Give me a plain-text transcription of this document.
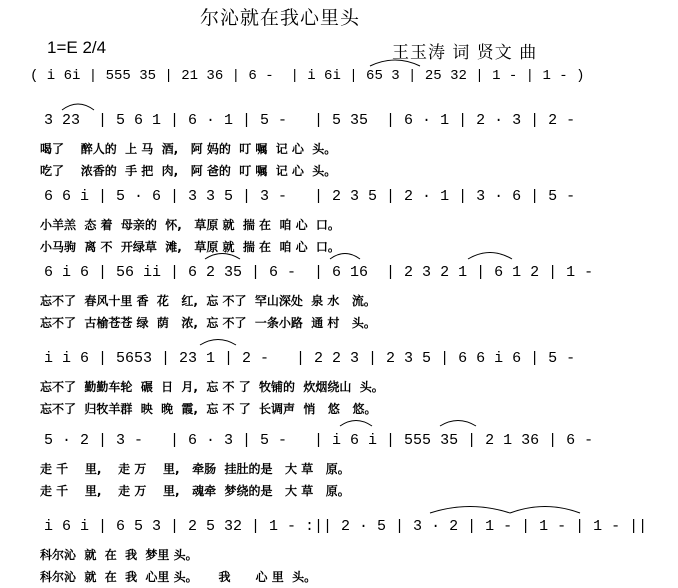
尔沁就在我心里头
1=E 2/4	王玉涛 词 贤文 曲
( i 6i | 555 35 | 21 36 | 6 -  | i 6i | 65 3 | 25 32 | 1 - | 1 - )
3 23  | 5 6 1 | 6 · 1 | 5 -   | 5 35  | 6 · 1 | 2 · 3 | 2 -
喝了    醉人的  上 马  酒,   阿 妈的  叮 嘱  记 心  头。
吃了    浓香的  手 把  肉,   阿 爸的  叮 嘱  记 心  头。
6 6 i | 5 · 6 | 3 3 5 | 3 -   | 2 3 5 | 2 · 1 | 3 · 6 | 5 -
小羊羔  态 着  母亲的  怀,   草原 就  揣 在  咱 心  口。
小马驹  离 不  开绿草  滩,   草原 就  揣 在  咱 心  口。
6 i 6 | 56 ii | 6 2 35 | 6 -  | 6 16  | 2 3 2 1 | 6 1 2 | 1 -
忘不了  春风十里 香  花   红,  忘 不了  罕山深处  泉 水   流。
忘不了  古榆苍苍 绿  荫   浓,  忘 不了  一条小路  通 村   头。
i i 6 | 5653 | 23 1 | 2 -   | 2 2 3 | 2 3 5 | 6 6 i 6 | 5 -
忘不了  勤勤车轮  碾  日  月,  忘 不 了  牧铺的  炊烟绕山  头。
忘不了  归牧羊群  映  晚  霞,  忘 不 了  长调声  悄   悠   悠。
5 · 2 | 3 -   | 6 · 3 | 5 -   | i 6 i | 555 35 | 2 1 36 | 6 -
走 千    里,    走 万    里,   牵肠  挂肚的是   大 草   原。
走 千    里,    走 万    里,   魂牵  梦绕的是   大 草   原。
i 6 i | 6 5 3 | 2 5 32 | 1 - :|| 2 · 5 | 3 · 2 | 1 - | 1 - | 1 - ||
科尔沁  就  在  我  梦里 头。
科尔沁  就  在  我  心里 头。     我      心 里  头。
